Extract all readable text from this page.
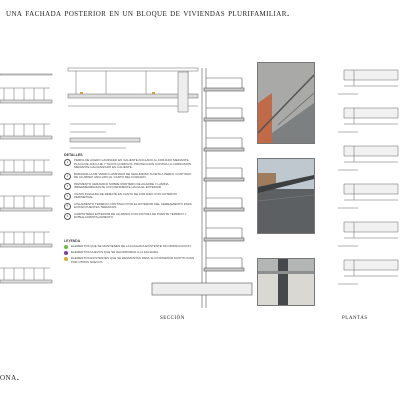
una fachada posterior en un bloque de viviendas plurifamiliar.
DETALLES
1	PERFIL DE ACERO LAMINADO EN CALIENTE ANCLADO AL FORJADO MEDIANTE PLACA DE ANCLAJE Y TACOS QUIMICOS. PROTECCION CONTRA LA CORROSION MEDIANTE GALVANIZADO EN CALIENTE.
2	BARANDILLA DE VIDRIO LAMINADO DE SEGURIDAD SUJETA A PERFIL CONTINUO DE ALUMINIO ANCLADO AL CANTO DEL FORJADO.
3	PAVIMENTO CERAMICO SOBRE MORTERO DE AGARRE Y LAMINA IMPERMEABILIZANTE CON PENDIENTE HACIA EL EXTERIOR.
4	CHAPA PLEGADA DE REMATE EN CANTO DE FORJADO CON GOTERON PERIMETRAL.
5	AISLAMIENTO TERMICO CONTINUO POR EL EXTERIOR DEL CERRAMIENTO PARA EVITAR PUENTES TERMICOS.
6	CARPINTERIA EXTERIOR DE ALUMINIO CON ROTURA DE PUENTE TERMICO Y DOBLE ACRISTALAMIENTO.
LEYENDA
ELEMENTOS QUE SE MANTIENEN DE LA FACHADA EXISTENTE SIN MODIFICACION.
ELEMENTOS NUEVOS QUE SE INCORPORAN A LA FACHADA.
ELEMENTOS EXISTENTES QUE SE DESMONTAN PARA SU POSTERIOR SUSTITUCION POR OTROS NUEVOS.
sección	plantas
ona.
